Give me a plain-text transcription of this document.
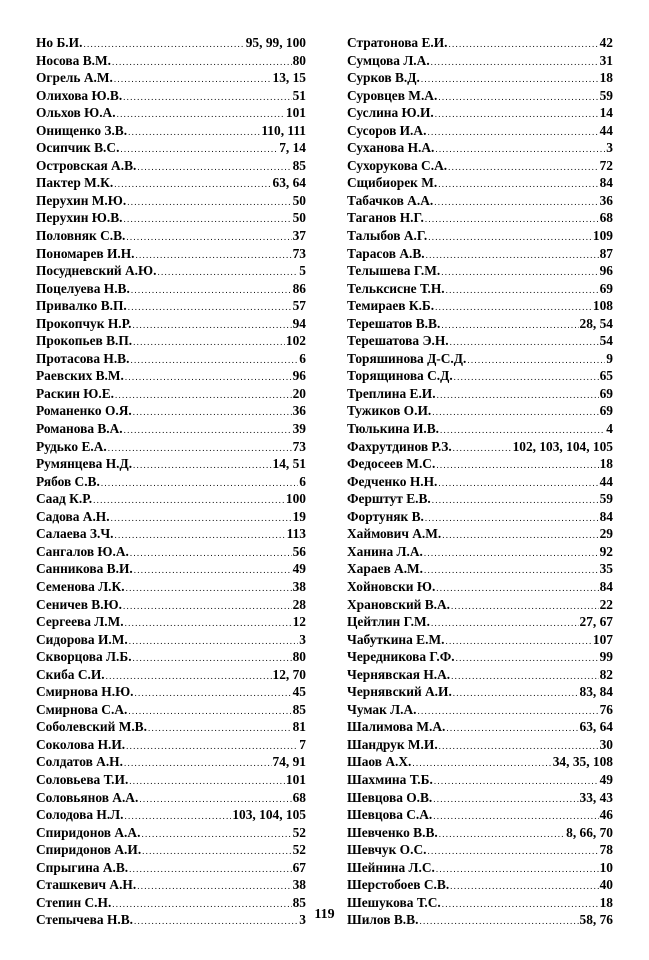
Но Б.И. . . .	95, 99, 100
Носова В.М. . . .	80
Огрель А.М. . . .	13, 15
Олихова Ю.В. . . .	51
Ольхов Ю.А. . . .	101
Онищенко З.В. . . .	110, 111
Осипчик В.С. . . .	7, 14
Островская А.В. . . .	85
Пактер М.К. . . .	63, 64
Перухин М.Ю. . . .	50
Перухин Ю.В. . . .	50
Половняк С.В. . . .	37
Пономарев И.Н. . . .	73
Посудневский А.Ю. . . .	5
Поцелуева Н.В. . . .	86
Привалко В.П. . . .	57
Прокопчук Н.Р. . . .	94
Прокопьев В.П. . . .	102
Протасова Н.В. . . .	6
Раевских В.М. . . .	96
Раскин Ю.Е. . . .	20
Романенко О.Я. . . .	36
Романова В.А. . . .	39
Рудько Е.А. . . .	73
Румянцева Н.Д. . . .	14, 51
Рябов С.В. . . .	6
Саад К.Р. . . .	100
Садова А.Н. . . .	19
Салаева З.Ч. . . .	113
Сангалов Ю.А. . . .	56
Санникова В.И. . . .	49
Семенова Л.К. . . .	38
Сеничев В.Ю. . . .	28
Сергеева Л.М. . . .	12
Сидорова И.М. . . .	3
Скворцова Л.Б. . . .	80
Скиба С.И. . . .	12, 70
Смирнова Н.Ю. . . .	45
Смирнова С.А. . . .	85
Соболевский М.В. . . .	81
Соколова Н.И. . . .	7
Солдатов А.Н. . . .	74, 91
Соловьева Т.И. . . .	101
Соловьянов А.А. . . .	68
Солодова Н.Л. . . .	103, 104, 105
Спиридонов А.А. . . .	52
Спиридонов А.И. . . .	52
Спрыгина А.В. . . .	67
Сташкевич А.Н. . . .	38
Степин С.Н. . . .	85
Степычева Н.В. . . .	3
Стратонова Е.И. . . .	42
Сумцова Л.А. . . .	31
Сурков В.Д. . . .	18
Суровцев М.А. . . .	59
Суслина Ю.И. . . .	14
Сусоров И.А. . . .	44
Суханова Н.А. . . .	3
Сухорукова С.А. . . .	72
Сщибиорек М. . . .	84
Табачков А.А. . . .	36
Таганов Н.Г. . . .	68
Талыбов А.Г. . . .	109
Тарасов А.В. . . .	87
Телышева Г.М. . . .	96
Тельксисне Т.Н. . . .	69
Темираев К.Б. . . .	108
Терешатов В.В. . . .	28, 54
Терешатова Э.Н. . . .	54
Торяшинова Д-С.Д. . . .	9
Торящинова С.Д. . . .	65
Треплина Е.И. . . .	69
Тужиков О.И. . . .	69
Тюлькина И.В. . . .	4
Фахрутдинов Р.З. . . .	102, 103, 104, 105
Федосеев М.С. . . .	18
Федченко Н.Н. . . .	44
Ферштут Е.В. . . .	59
Фортуняк В. . . .	84
Хаймович А.М. . . .	29
Ханина Л.А. . . .	92
Хараев А.М. . . .	35
Хойновски Ю. . . .	84
Храновский В.А. . . .	22
Цейтлин Г.М. . . .	27, 67
Чабуткина Е.М. . . .	107
Чередникова Г.Ф. . . .	99
Чернявская Н.А. . . .	82
Чернявский А.И. . . .	83, 84
Чумак Л.А. . . .	76
Шалимова М.А. . . .	63, 64
Шандрук М.И. . . .	30
Шаов А.Х. . . .	34, 35, 108
Шахмина Т.Б. . . .	49
Шевцова О.В. . . .	33, 43
Шевцова С.А. . . .	46
Шевченко В.В. . . .	8, 66, 70
Шевчук О.С. . . .	78
Шейнина Л.С. . . .	10
Шерстобоев С.В. . . .	40
Шешукова Т.С. . . .	18
Шилов В.В. . . .	58, 76
119
